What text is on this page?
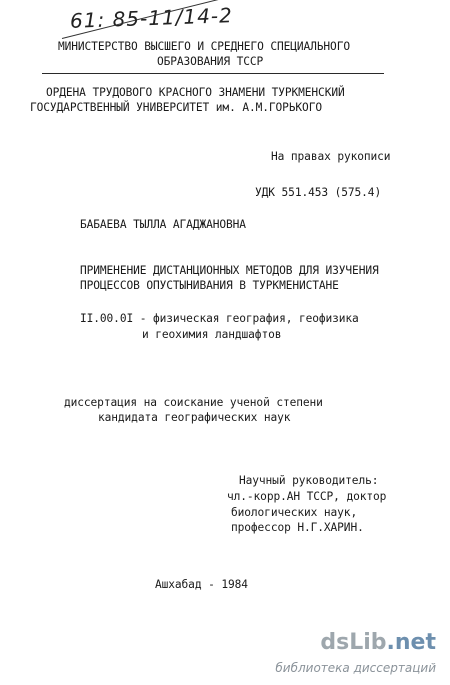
61: 85-11/14-2
МИНИСТЕРСТВО ВЫСШЕГО И СРЕДНЕГО СПЕЦИАЛЬНОГО
ОБРАЗОВАНИЯ ТССР
ОРДЕНА ТРУДОВОГО КРАСНОГО ЗНАМЕНИ ТУРКМЕНСКИЙ
ГОСУДАРСТВЕННЫЙ УНИВЕРСИТЕТ им. А.М.ГОРЬКОГО
На правах рукописи
УДК 551.453 (575.4)
БАБАЕВА ТЫЛЛА АГАДЖАНОВНА
ПРИМЕНЕНИЕ ДИСТАНЦИОННЫХ МЕТОДОВ ДЛЯ ИЗУЧЕНИЯ
ПРОЦЕССОВ ОПУСТЫНИВАНИЯ В ТУРКМЕНИСТАНЕ
II.00.0I - физическая география, геофизика
и геохимия ландшафтов
диссертация на соискание ученой степени
кандидата географических наук
Научный руководитель:
чл.-корр.АН ТССР, доктор
биологических наук,
профессор Н.Г.ХАРИН.
Ашхабад - 1984
dsLib.net
библиотека диссертаций
